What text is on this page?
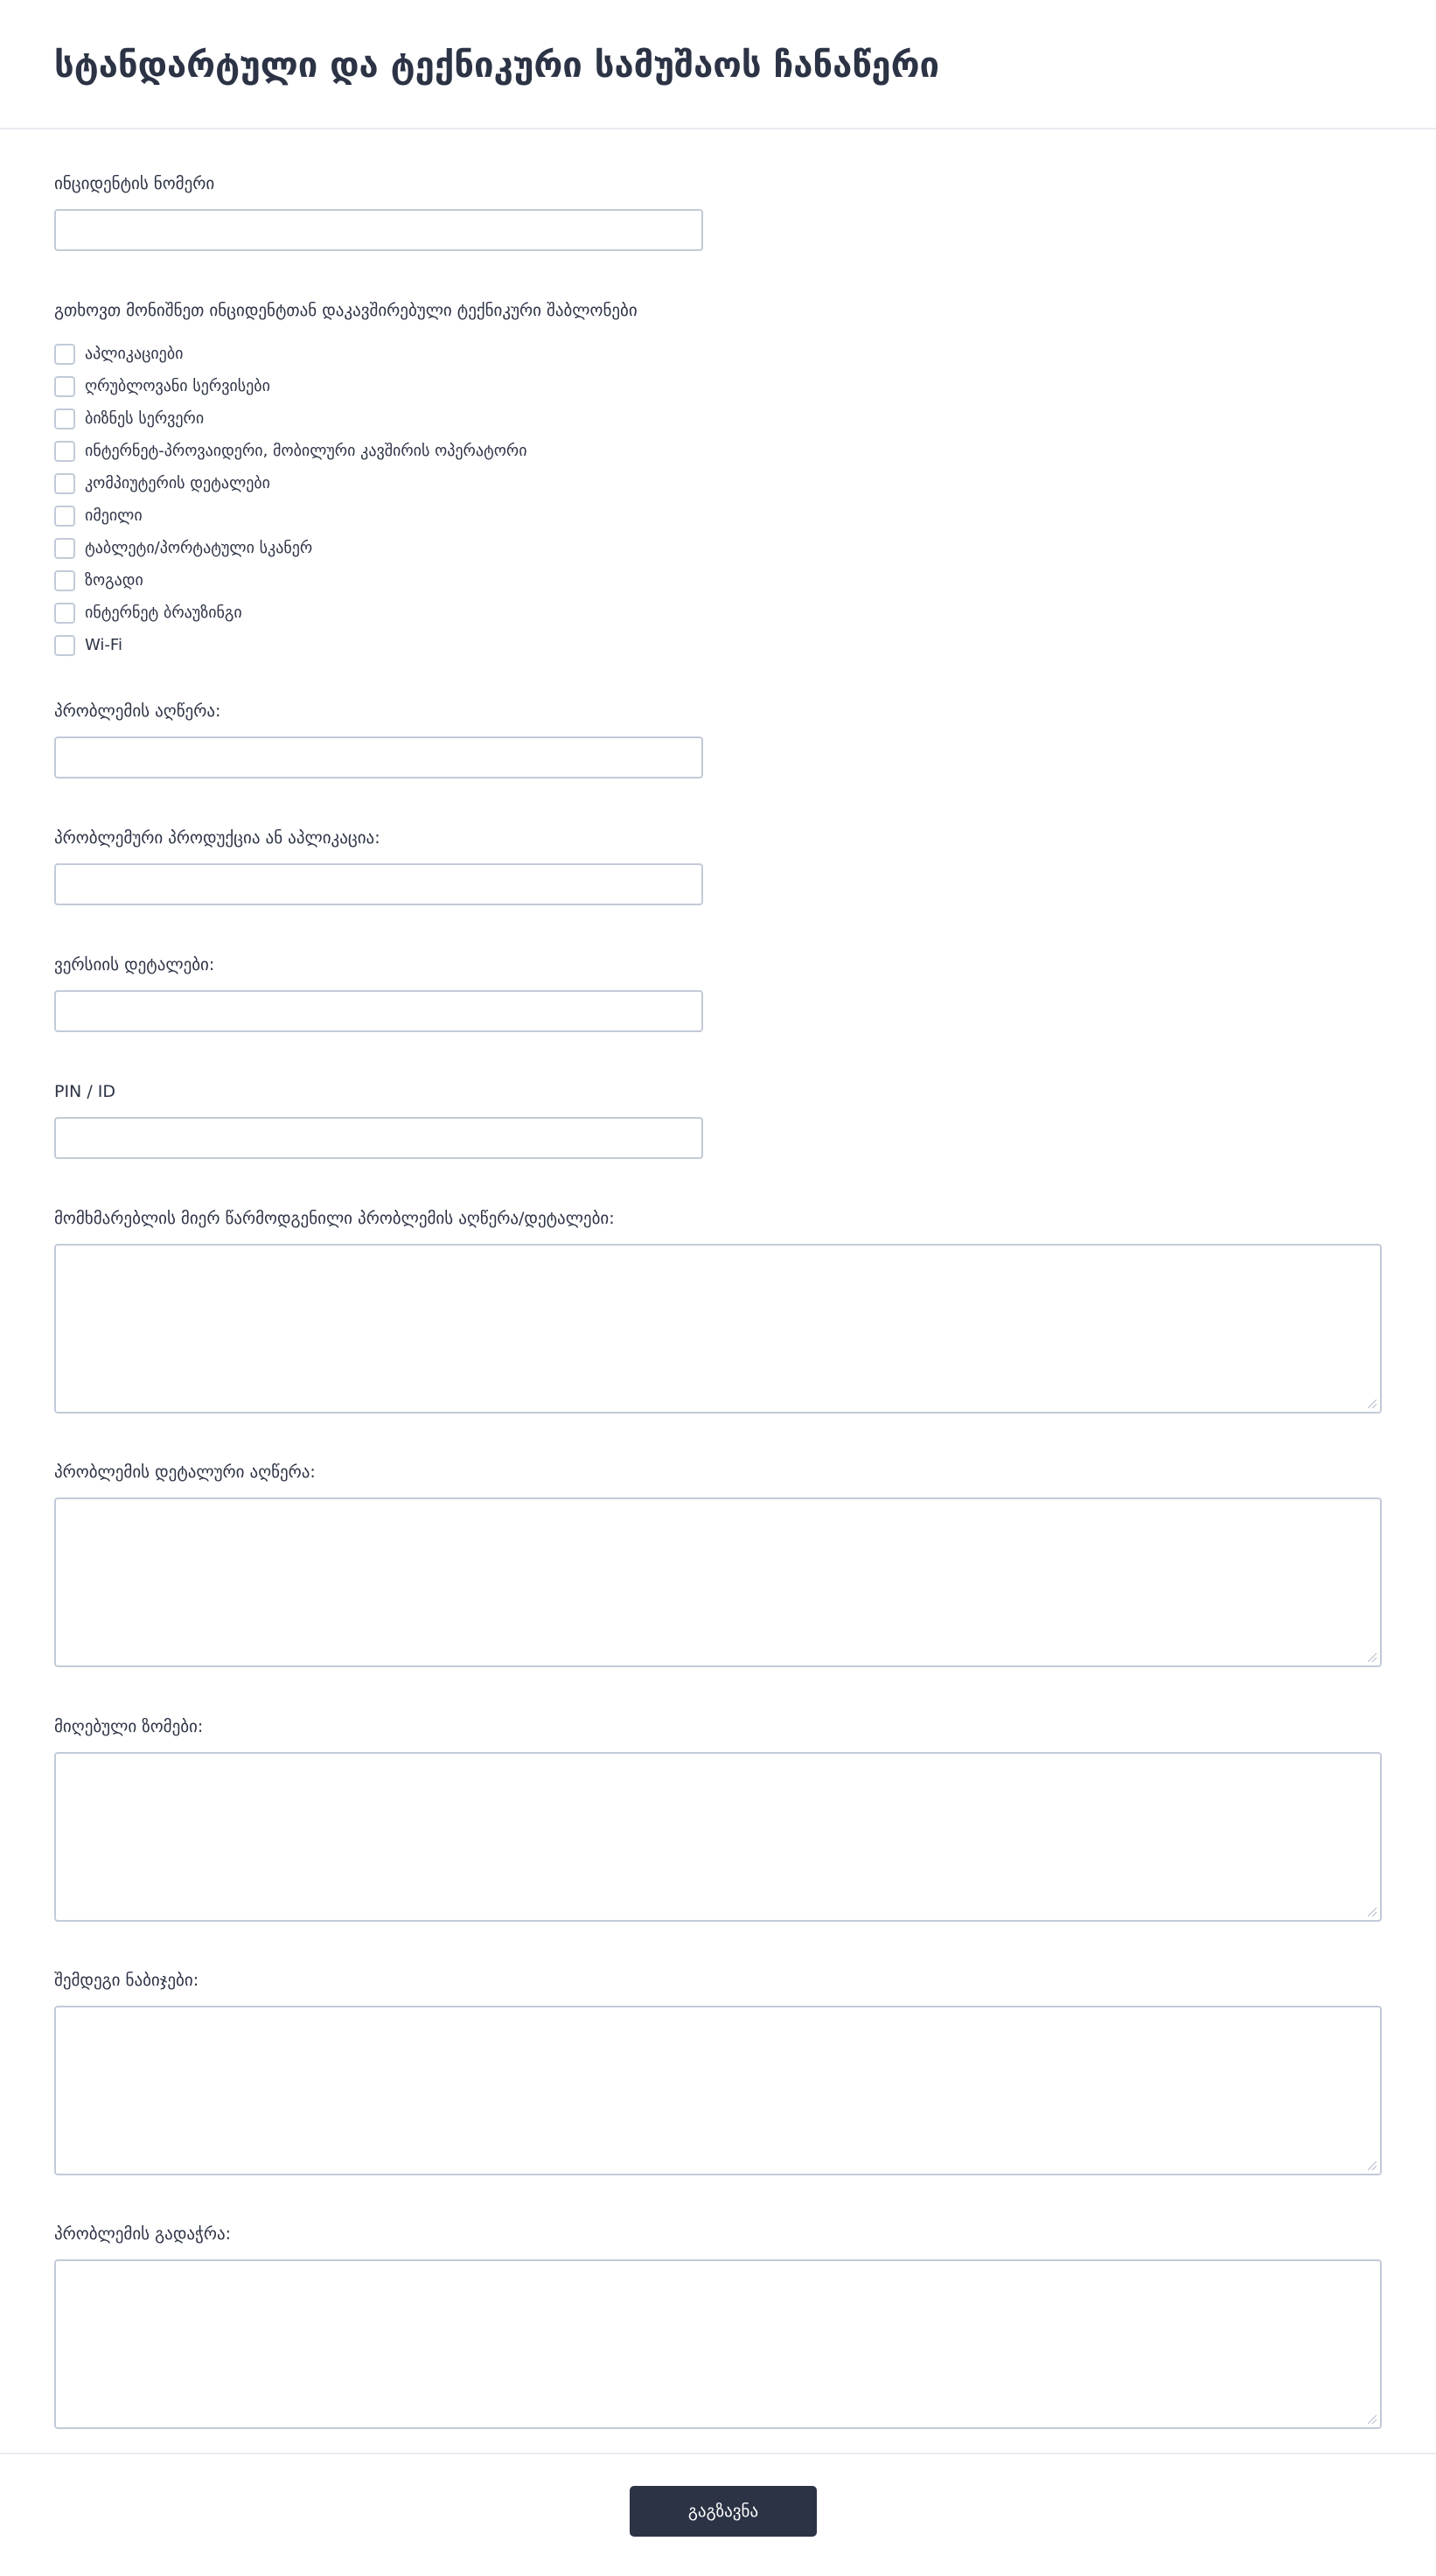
სტანდარტული და ტექნიკური სამუშაოს ჩანაწერი
ინციდენტის ნომერი
გთხოვთ მონიშნეთ ინციდენტთან დაკავშირებული ტექნიკური შაბლონები
აპლიკაციები
ღრუბლოვანი სერვისები
ბიზნეს სერვერი
ინტერნეტ-პროვაიდერი, მობილური კავშირის ოპერატორი
კომპიუტერის დეტალები
იმეილი
ტაბლეტი/პორტატული სკანერ
ზოგადი
ინტერნეტ ბრაუზინგი
Wi-Fi
პრობლემის აღწერა:
პრობლემური პროდუქცია ან აპლიკაცია:
ვერსიის დეტალები:
PIN / ID
მომხმარებლის მიერ წარმოდგენილი პრობლემის აღწერა/დეტალები:
პრობლემის დეტალური აღწერა:
მიღებული ზომები:
შემდეგი ნაბიჯები:
პრობლემის გადაჭრა:
გაგზავნა
